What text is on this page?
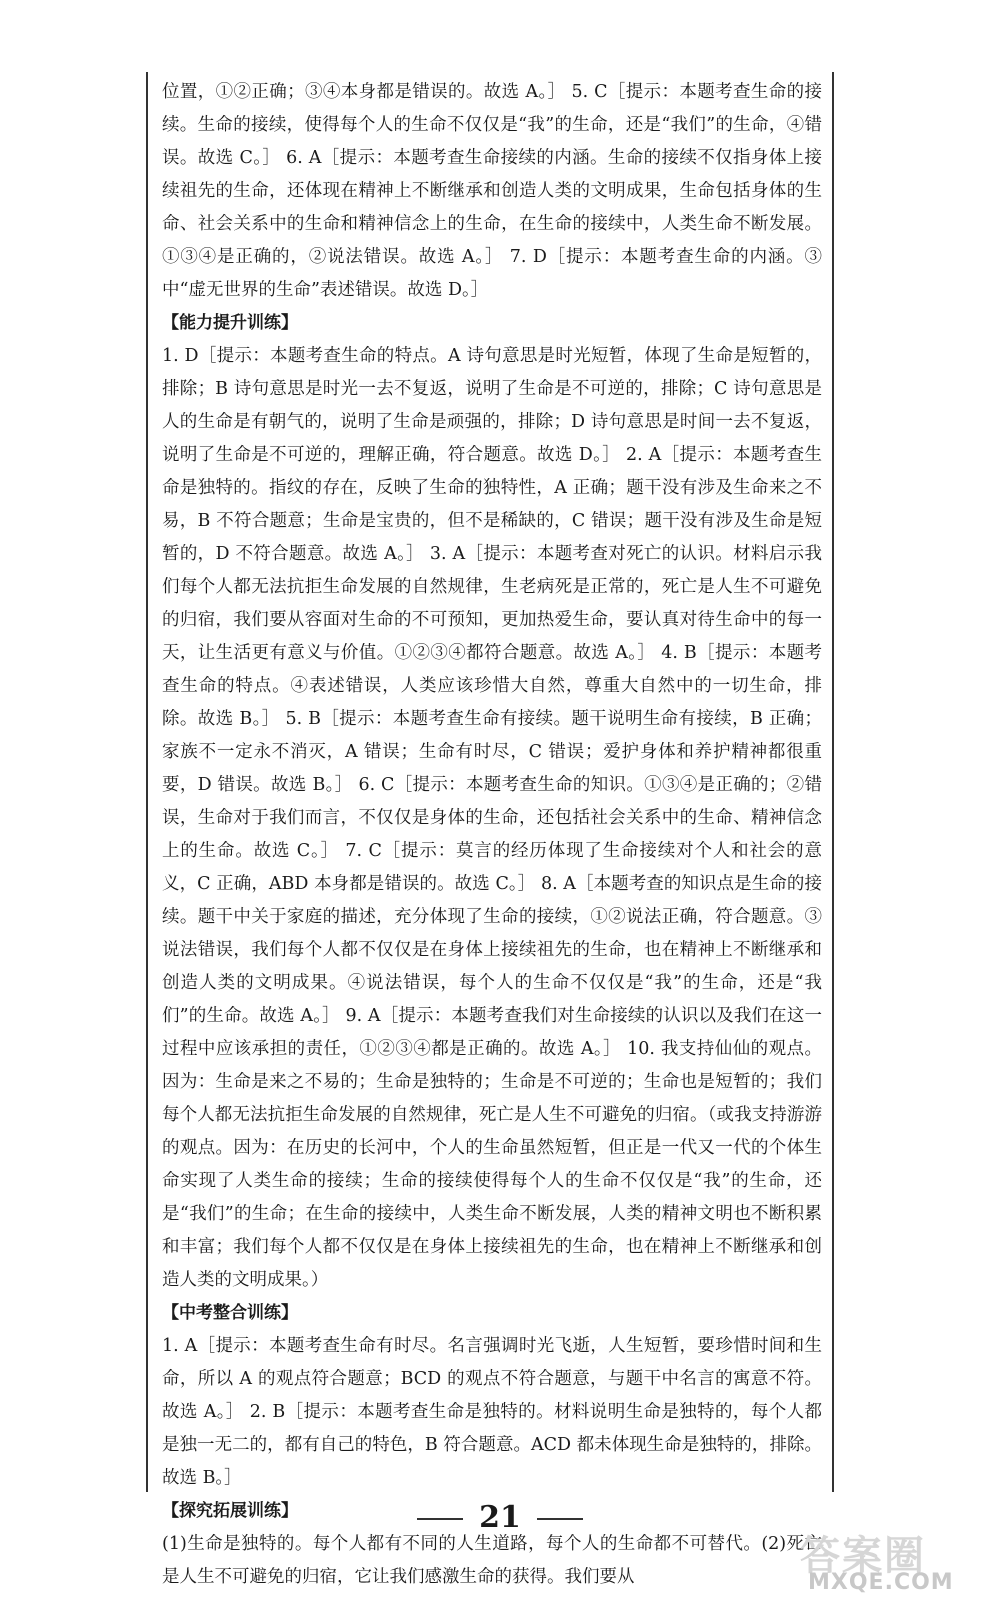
位置，①②正确；③④本身都是错误的。故选 A。］ 5. C［提示：本题考查生命的接续。生命的接续，使得每个人的生命不仅仅是“我”的生命，还是“我们”的生命，④错误。故选 C。］ 6. A［提示：本题考查生命接续的内涵。生命的接续不仅指身体上接续祖先的生命，还体现在精神上不断继承和创造人类的文明成果，生命包括身体的生命、社会关系中的生命和精神信念上的生命，在生命的接续中，人类生命不断发展。①③④是正确的，②说法错误。故选 A。］ 7. D［提示：本题考查生命的内涵。③中“虚无世界的生命”表述错误。故选 D。］

【能力提升训练】

1. D［提示：本题考查生命的特点。A 诗句意思是时光短暂，体现了生命是短暂的，排除；B 诗句意思是时光一去不复返，说明了生命是不可逆的，排除；C 诗句意思是人的生命是有朝气的，说明了生命是顽强的，排除；D 诗句意思是时间一去不复返，说明了生命是不可逆的，理解正确，符合题意。故选 D。］ 2. A［提示：本题考查生命是独特的。指纹的存在，反映了生命的独特性，A 正确；题干没有涉及生命来之不易，B 不符合题意；生命是宝贵的，但不是稀缺的，C 错误；题干没有涉及生命是短暂的，D 不符合题意。故选 A。］ 3. A［提示：本题考查对死亡的认识。材料启示我们每个人都无法抗拒生命发展的自然规律，生老病死是正常的，死亡是人生不可避免的归宿，我们要从容面对生命的不可预知，更加热爱生命，要认真对待生命中的每一天，让生活更有意义与价值。①②③④都符合题意。故选 A。］ 4. B［提示：本题考查生命的特点。④表述错误，人类应该珍惜大自然，尊重大自然中的一切生命，排除。故选 B。］ 5. B［提示：本题考查生命有接续。题干说明生命有接续，B 正确；家族不一定永不消灭，A 错误；生命有时尽，C 错误；爱护身体和养护精神都很重要，D 错误。故选 B。］ 6. C［提示：本题考查生命的知识。①③④是正确的；②错误，生命对于我们而言，不仅仅是身体的生命，还包括社会关系中的生命、精神信念上的生命。故选 C。］ 7. C［提示：莫言的经历体现了生命接续对个人和社会的意义，C 正确，ABD 本身都是错误的。故选 C。］ 8. A［本题考查的知识点是生命的接续。题干中关于家庭的描述，充分体现了生命的接续，①②说法正确，符合题意。③说法错误，我们每个人都不仅仅是在身体上接续祖先的生命，也在精神上不断继承和创造人类的文明成果。④说法错误，每个人的生命不仅仅是“我”的生命，还是“我们”的生命。故选 A。］ 9. A［提示：本题考查我们对生命接续的认识以及我们在这一过程中应该承担的责任，①②③④都是正确的。故选 A。］ 10. 我支持仙仙的观点。因为：生命是来之不易的；生命是独特的；生命是不可逆的；生命也是短暂的；我们每个人都无法抗拒生命发展的自然规律，死亡是人生不可避免的归宿。（或我支持游游的观点。因为：在历史的长河中，个人的生命虽然短暂，但正是一代又一代的个体生命实现了人类生命的接续；生命的接续使得每个人的生命不仅仅是“我”的生命，还是“我们”的生命；在生命的接续中，人类生命不断发展，人类的精神文明也不断积累和丰富；我们每个人都不仅仅是在身体上接续祖先的生命，也在精神上不断继承和创造人类的文明成果。）

【中考整合训练】

1. A［提示：本题考查生命有时尽。名言强调时光飞逝，人生短暂，要珍惜时间和生命，所以 A 的观点符合题意；BCD 的观点不符合题意，与题干中名言的寓意不符。故选 A。］ 2. B［提示：本题考查生命是独特的。材料说明生命是独特的，每个人都是独一无二的，都有自己的特色，B 符合题意。ACD 都未体现生命是独特的，排除。故选 B。］

【探究拓展训练】

(1)生命是独特的。每个人都有不同的人生道路，每个人的生命都不可替代。(2)死亡是人生不可避免的归宿，它让我们感激生命的获得。我们要从

21
答案圈
MXQE.COM
